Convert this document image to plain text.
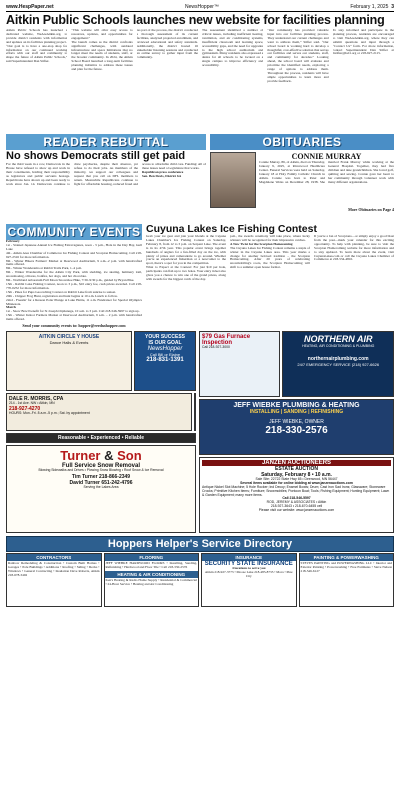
www.HespPaper.net	NewsHopper™	February 1, 2025 3
Aitkin Public Schools launches new website for facilities planning

Aitkin Public Schools has launched a dedicated website, WeAreAitkin.org, to provide district residents with information and updates on its facilities planning project.

“Our goal is to have a one-stop shop for information on our continued working efforts with our staff and community to shape the future of Aitkin Public Schools,” said Superintendent Dan Stifter.

“This website will offer easy access to resources, updates, and opportunities for engagement.”

The launch comes as the district confronts significant challenges, with outdated infrastructure and space limitations that no longer meet the needs of students, staff, or the broader community. In 2024, the Aitkin School Board launched a long-term facilities planning initiative to address these issues and plan for the future.

As part of the process, the district conducted a thorough assessment of its current facilities, analyzed projected enrollment, and reviewed educational and safety standards. Additionally, the district hosted 16 stakeholder listening sessions and conducted an online survey to gather input from the community.

The assessment identified a number of critical issues, including inefficient heating, ventilation, and air conditioning systems, insufficient classroom and learning space, accessibility gaps, and the need for upgrades to the high school auditorium and gymnasium. Many residents also expressed a desire for all schools to be located on a single campus to improve efficiency and accessibility.

“Our community has provided valuable input into our facilities planning process. They understand our current challenges and want to address them,” Stifter said. “Our school board is working hard to develop a thoughtful, cost-effective solution that serves our facilities and serves our students, staff, and community for decades.” Looking ahead, the school board will evaluate and prioritize the identified needs, exploring a range of options to address them. Throughout the process, residents will have ample opportunities to learn more and provide feedback.

To stay informed and participate in the planning process, residents are encouraged to visit WeAreAitkin.org, where they can submit questions and input through a “Contact Us” form. For more information, contact Superintendent Dan Stifter at dstifter@isd1.org or 218-927-2115.

READER REBUTTAL
No shows Democrats still get paid
For the third week in a row, Democrats in the House have refused to show up and work in their constituents, holding their responsibility as legislators and public servants hostage. Republicans have shown up and been ready to work since Jan. 14. Democrats continue to draw paychecks, despite their absence, yet refuse to do their jobs. As members of the minority, we support our colleagues and request that you call on DFL members to return. Meanwhile Republicans continue to fight for affordable housing, reduced fraud and access to affordable child care. Funding: All of these issues need a Legislature that works.
Republican press conference
Sen. Ben Davis, District 6A
OBITUARIES
CONNIE MURRAY
Connie Murray, 86, of Aitkin, died on Thursday, January 9, 2025, at Riverwood Healthcare Center. Funeral Services were held on Saturday, January 18 at Holy Family Catholic Church in Aitkin. Connie was born to Peter and Magdalene Weiss on December 28, 1938. She married Frank Murray while working at the General Hospital. Together, they had five children and nine grandchildren. She loved golf, quilting and sewing. Connie gave her heart to her community through volunteer work with many different organizations.
More Obituaries on Page 4
COMMUNITY EVENTS
February
1st - Stained Japanese Annual Ice Fishing Extravaganza, noon - 3 p.m., Hole in the Day Bay, Gull Lake
4th - Aitkin Area Chamber of Commerce Ice Fishing Contest and Scorpion Homecoming. Call 218-927-2316 for more information.
8th - Winter Hikers Farmers' Market at Deerwood Auditorium, 9 a.m.–2 p.m. with handcrafted items offered.
8th - Winter Wonderama at Rabbit Trails Park, 1–4 p.m.
8th - Winter Wonderama for the Aitkin City Park, with sledding, ice skating, luminary trail, snowshoeing, s'mores, bonfire, hot dogs, and hot chocolate.
8th - Northland Arboretum Full Moon Snowshoe Hike, 7:30–9:30 p.m., guided by Bryan Pike.
15th - Rabbit Lake Fishing Contest, noon to 3 p.m., $10 entry fee, cash prizes awarded. Call 218-770-0252 for more information.
15th - Pines for Pups Geocaching Contest on Rabbit Lake from sunrise to sunset.
20th - Chipper Frog Hunt, registration and hunt begins at 10 a.m. Lunch to follow.
22nd - Freezin' for a Reason Polar Plunge at Lake Hattie, 11 a.m. Fundraiser for Special Olympics Minnesota.
March
1st - Snow Bowl benefit for St Joseph Orphanage, 10 a.m. to 3 p.m. Call 218-546-5997 to sign up.
15th - Winter Indoor Farmers Market at Deerwood Auditorium, 9 a.m. – 2 p.m. with handcrafted items offered.
Send your community events to: hopper@reedsnhopper.com
Cuyuna Lakes Ice Fishing Contest

Grab your ice gear and join your friends at the Cuyuna Lakes Chamber's Ice Fishing Contest on Saturday, February 8, from 12 to 3 p.m. on Serpent Lake. The event is in its 47th year. This popular event brings together hundreds of anglers for a fun-filled day on the ice, with plenty of prizes and camaraderie to go around. Whether you're an experienced fisherman or a newcomer to the sport, there's a spot for you in the competition.

What to Expect at the Contest: For just $10 per hole, participants can fish up to two holes. Your entry ticket also gives you a chance to win one of the grand prizes, along with awards for the biggest catch of the day.

p.m., the awards ceremony will take place, where lucky winners will be recognized for their impressive catches.

A New Twist for the Scorpion Homecoming

The Cuyuna Lakes Ice Fishing Contest remains a staple of winter in the Cuyuna Lakes area. This year marks a change for another beloved tradition – the Scorpion Homecoming. After 20 years of celebrating snowmobiling's roots, the Scorpion Homecoming will shift to a summer open house format.

If you're a fan of Scorpions—or simply enjoy a good blast from the past—mark your calendar for this exciting opportunity. To help with planning, be sure to visit the Scorpion Homecoming website for more information and to stay updated. To learn more about the event, visit CuyunaLakes.com or call the Cuyuna Lakes Chamber of Commerce at 218-534-4810.

AITKIN CIRCLE Y HOUSE
Dance Halls & Events
YOUR SUCCESS
IS OUR GOAL
NewsHopper
Call Bill or Elaine
218-831-1391
DALE R. MORRIS, CPA
214 - 1st Ave. NW • Aitkin, MN
218-927-4270
HOURS: Mon.-Fri. 8 a.m.-5 p.m.; Sat. by appointment
Reasonable • Experienced • Reliable
Turner & Son
Full Service Snow Removal
Blowing Sidewalks and Drives • Plowing Snow Blowing • Roof Snow & Ice Removal
Tim Turner 218-866-2349
David Turner 651-242-4796
Serving the Lakes Area
$79 Gas Furnace Inspection
Call 218-927-3000
NORTHERN AIR
HEATING, AIR CONDITIONING & PLUMBING
northernairplumbing.com
24/7 EMERGENCY SERVICE (218) 927-6626
JEFF WIEBKE PLUMBING & HEATING
INSTALLING | SANDING | REFINISHING
JEFF WIEBKE, OWNER
218-330-2576
JANZEN AUCTIONEERS
ESTATE AUCTION
Saturday, February 8 • 10 a.m.
Sale Site: 22722 State Hwy 65 • Deerwood, MN 56447
Several items available for online bidding at www.janzenauctions.com
Antique Nickel Slot Machine; 5 Hole Rocker; Ind Decoy; Enamel Bowls; Drum; Cast Iron Sad Irons; Glassware; Stoneware Crocks; Primitive Kitchen Items; Furniture; Snowmobiles; Pontoon Boat; Tools; Fishing Equipment; Hunting Equipment; Lawn & Garden Equipment; many more items.
Call 218-546-5597
ROD, JEREMY & ASSOCIATES • Aitkin
218-927-3643 • 218-670-6455 cell
Please visit our website: www.janzenauctions.com
Hoppers Helper's Service Directory
CONTRACTORS
Ranbow Remodeling & Construction • Custom Built Homes • Garages • Pole Buildings • Additions • Roofing • Siding • Decks • Windows • General Contracting • Insulation Dave Roberts, Aitkin 218-678-3402
FLOORING
JEFF WIEBKE HARDWOOD FLOORS • Installing, Sanding, Refinishing • Hardwood and Floor Tile • Call 218-330-2576
HEATING & AIR CONDITIONING
Ken's Heating & Radio Home Supply • Residential & Commercial • 24-Hour Service • Heating and Air Conditioning
INSURANCE
SECURITY STATE INSURANCE
4 locations to serve you
Aitkin 218-927-3773 • Moose Lake 218-485-8735 • Mora • Pine City
PAINTING & POWERWASHING
STEVES PAINTING and POWERWASHING LLC • Interior and Exterior Painting • Powerwashing • Free Estimates • Steve Nelson 218-546-6127
